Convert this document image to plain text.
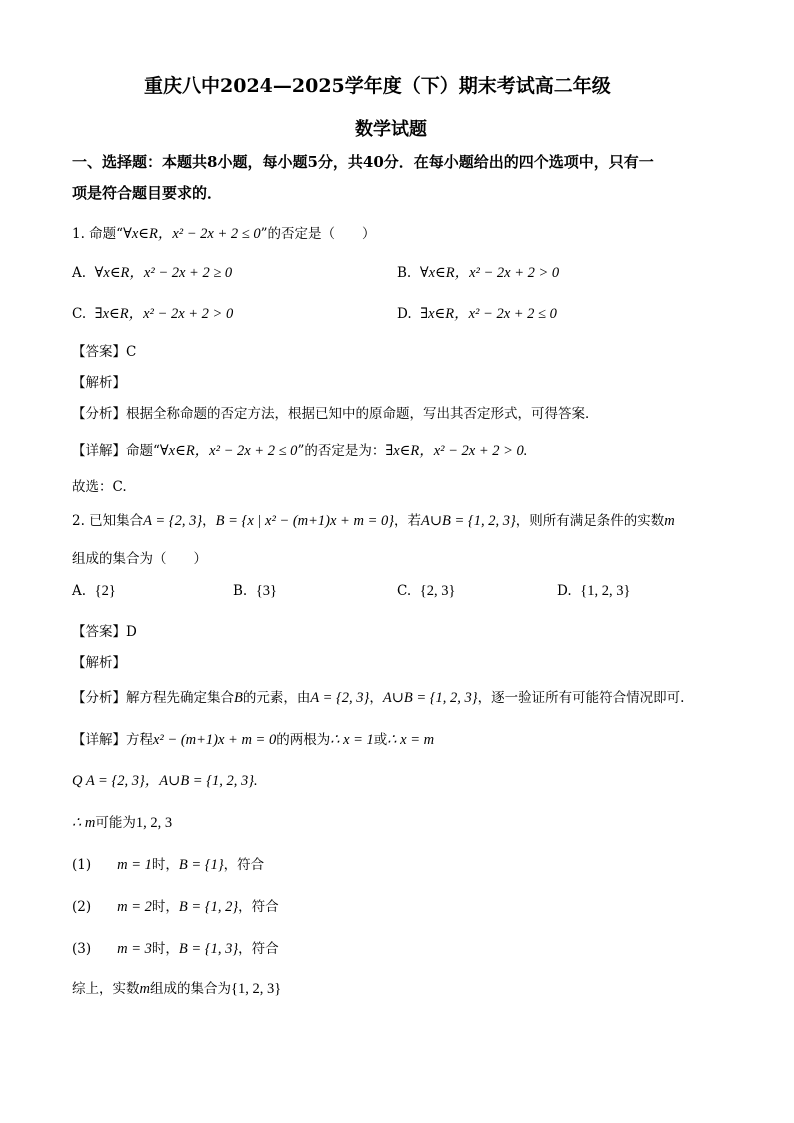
重庆八中2024—2025学年度（下）期末考试高二年级
数学试题
一、选择题：本题共8小题，每小题5分，共40分．在每小题给出的四个选项中，只有一
项是符合题目要求的．
1. 命题“∀x∈R，x² − 2x + 2 ≤ 0”的否定是（　　）
A. ∀x∈R，x² − 2x + 2 ≥ 0	B. ∀x∈R，x² − 2x + 2 > 0
C. ∃x∈R，x² − 2x + 2 > 0	D. ∃x∈R，x² − 2x + 2 ≤ 0
【答案】C
【解析】
【分析】根据全称命题的否定方法，根据已知中的原命题，写出其否定形式，可得答案．
【详解】命题“∀x∈R，x² − 2x + 2 ≤ 0”的否定是为：∃x∈R，x² − 2x + 2 > 0.
故选：C.
2. 已知集合A = {2, 3}，B = {x | x² − (m+1)x + m = 0}，若A∪B = {1, 2, 3}，则所有满足条件的实数m
组成的集合为（　　）
A. {2}	B. {3}	C. {2, 3}	D. {1, 2, 3}
【答案】D
【解析】
【分析】解方程先确定集合B的元素，由A = {2, 3}，A∪B = {1, 2, 3}，逐一验证所有可能符合情况即可.
【详解】方程x² − (m+1)x + m = 0的两根为∴ x = 1或∴ x = m
Q A = {2, 3}，A∪B = {1, 2, 3}.
∴ m可能为1, 2, 3
(1) m = 1时，B = {1}，符合
(2) m = 2时，B = {1, 2}，符合
(3) m = 3时，B = {1, 3}，符合
综上，实数m组成的集合为{1, 2, 3}
